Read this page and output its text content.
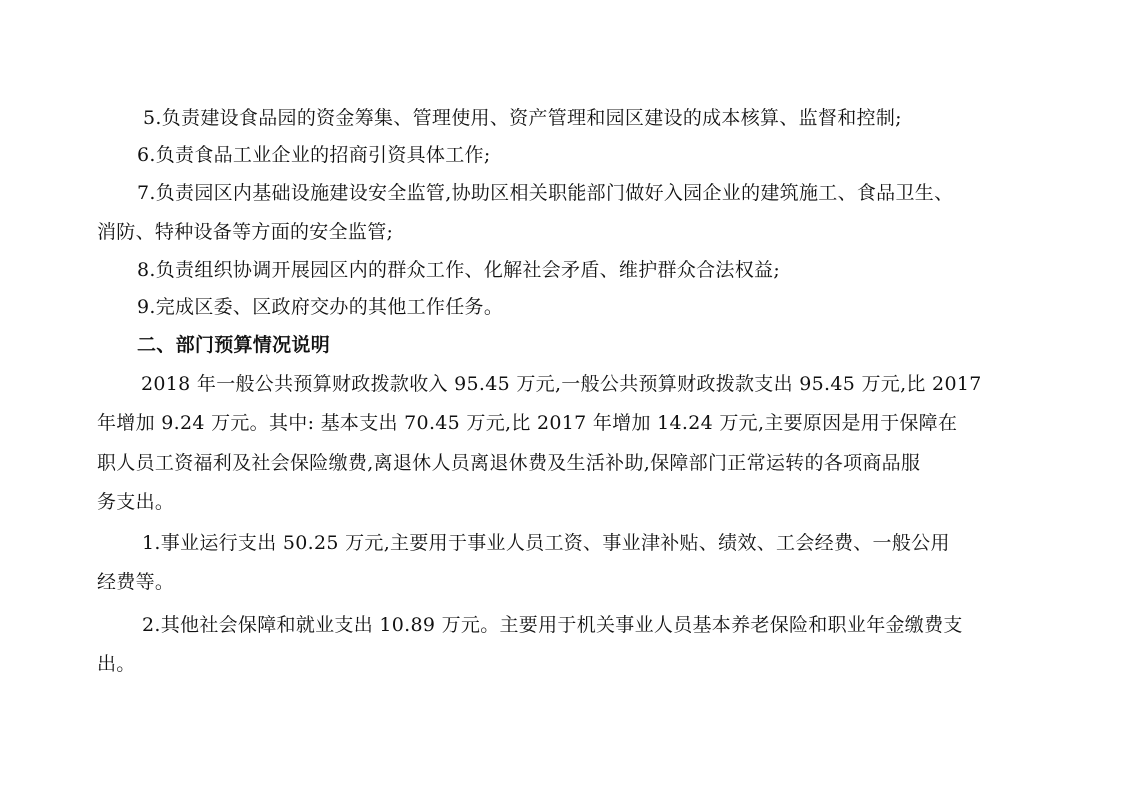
5.负责建设食品园的资金筹集、管理使用、资产管理和园区建设的成本核算、监督和控制;
6.负责食品工业企业的招商引资具体工作;
7.负责园区内基础设施建设安全监管,协助区相关职能部门做好入园企业的建筑施工、食品卫生、
消防、特种设备等方面的安全监管;
8.负责组织协调开展园区内的群众工作、化解社会矛盾、维护群众合法权益;
9.完成区委、区政府交办的其他工作任务。
二、部门预算情况说明
2018 年一般公共预算财政拨款收入 95.45 万元,一般公共预算财政拨款支出 95.45 万元,比 2017
年增加 9.24 万元。其中: 基本支出 70.45 万元,比 2017 年增加 14.24 万元,主要原因是用于保障在
职人员工资福利及社会保险缴费,离退休人员离退休费及生活补助,保障部门正常运转的各项商品服
务支出。
1.事业运行支出 50.25 万元,主要用于事业人员工资、事业津补贴、绩效、工会经费、一般公用
经费等。
2.其他社会保障和就业支出 10.89 万元。主要用于机关事业人员基本养老保险和职业年金缴费支
出。
